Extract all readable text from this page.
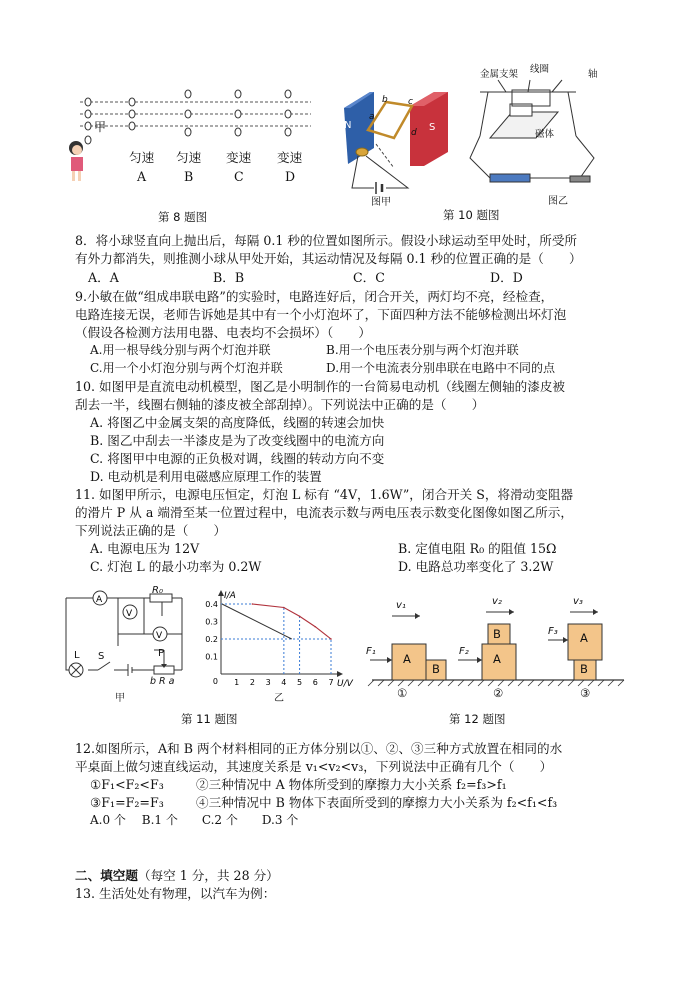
甲
匀速 匀速 变速 变速
A	B	C	D
第 8 题图
N	S
a
b c
d
金属支架 线圈	轴
磁体
图甲	图乙
第 10 题图
8．将小球竖直向上抛出后，每隔 0.1 秒的位置如图所示。假设小球运动至甲处时，所受所
有外力都消失，则推测小球从甲处开始，其运动情况及每隔 0.1 秒的位置正确的是（　　）
A．A	B．B	C．C	D．D
9.小敏在做“组成串联电路”的实验时，电路连好后，闭合开关，两灯均不亮，经检查，
电路连接无误，老师告诉她是其中有一个小灯泡坏了，下面四种方法不能够检测出坏灯泡
（假设各检测方法用电器、电表均不会损坏）（　　）
A.用一根导线分别与两个灯泡并联	B.用一个电压表分别与两个灯泡并联
C.用一个小灯泡分别与两个灯泡并联	D.用一个电流表分别串联在电路中不同的点
10. 如图甲是直流电动机模型，图乙是小明制作的一台简易电动机（线圈左侧轴的漆皮被
刮去一半，线圈右侧轴的漆皮被全部刮掉）。下列说法中正确的是（　　）
A. 将图乙中金属支架的高度降低，线圈的转速会加快
B. 图乙中刮去一半漆皮是为了改变线圈中的电流方向
C. 将图甲中电源的正负极对调，线圈的转动方向不变
D. 电动机是利用电磁感应原理工作的装置
11. 如图甲所示，电源电压恒定，灯泡 L 标有 “4V，1.6W”，闭合开关 S，将滑动变阻器
的滑片 P 从 a 端滑至某一位置过程中，电流表示数与两电压表示数变化图像如图乙所示，
下列说法正确的是（　　）
A. 电源电压为 12V	B. 定值电阻 R₀ 的阻值 15Ω
C. 灯泡 L 的最小功率为 0.2W	D. 电路总功率变化了 3.2W
A
V
V
R₀
L S	P
b R a
甲
0.4
0.3
0.2
0.1
1 2 3 4 5 6 7
0
I/A
U/V
乙
第 11 题图
A
B
B
A
A
B
F₁	F₂
F₃
v₁	v₂	v₃
①	②	③
第 12 题图
12.如图所示，A和 B 两个材料相同的正方体分别以①、②、③三种方式放置在相同的水
平桌面上做匀速直线运动，其速度关系是 v₁<v₂<v₃，下列说法中正确有几个（　　）
①F₁<F₂<F₃	②三种情况中 A 物体所受到的摩擦力大小关系 f₂=f₃>f₁
③F₁=F₂=F₃	④三种情况中 B 物体下表面所受到的摩擦力大小关系为 f₂<f₁<f₃
A.0 个　 B.1 个　　C.2 个　　D.3 个
二、填空题（每空 1 分，共 28 分）
13. 生活处处有物理，以汽车为例：
